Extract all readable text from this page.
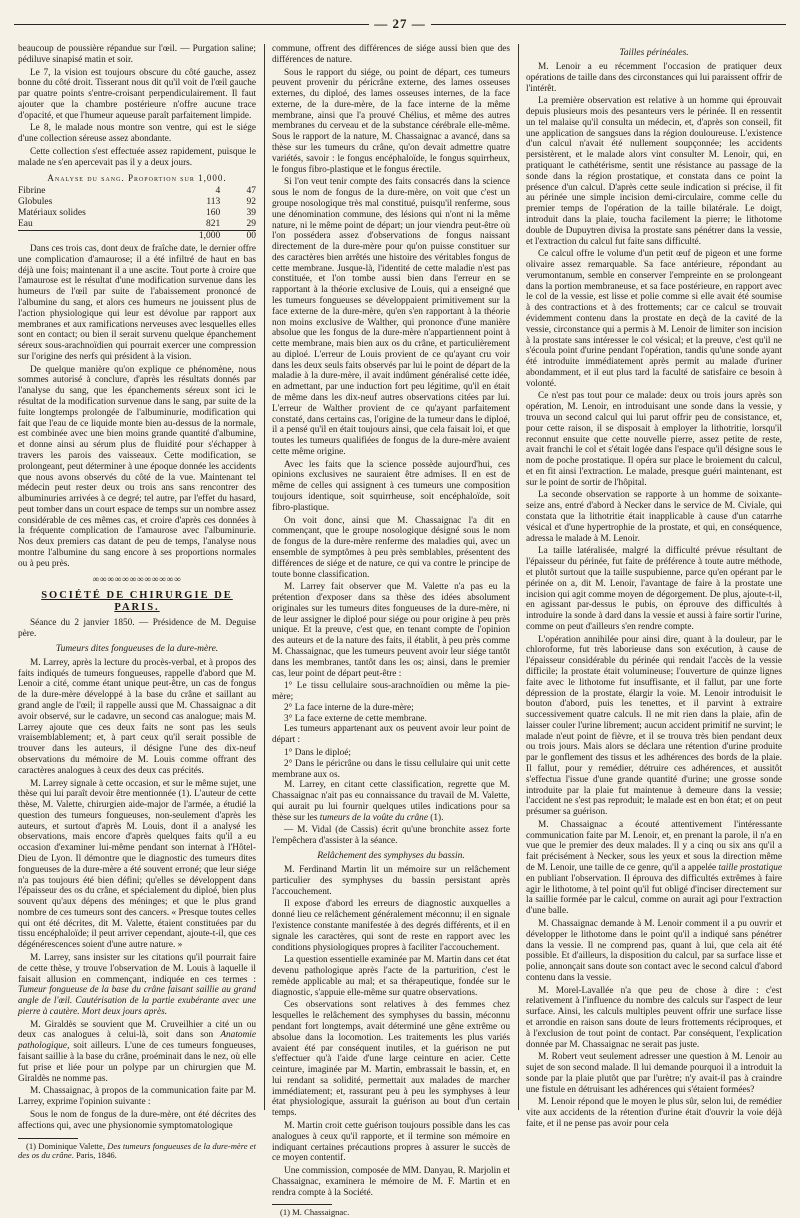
— 27 —

beaucoup de poussière répandue sur l'œil. — Purgation saline; pédiluve sinapisé matin et soir.

Le 7, la vision est toujours obscure du côté gauche, assez bonne du côté droit. Tisserant nous dit qu'il voit de l'œil gauche par quatre points s'entre-croisant perpendiculairement. Il faut ajouter que la chambre postérieure n'offre aucune trace d'opacité, et que l'humeur aqueuse paraît parfaitement limpide.

Le 8, le malade nous montre son ventre, qui est le siége d'une collection séreuse assez abondante.

Cette collection s'est effectuée assez rapidement, puisque le malade ne s'en apercevait pas il y a deux jours.

Analyse du sang. Proportion sur 1,000.
Fibrine	4	47
Globules	113	92
Matériaux solides	160	39
Eau	821	29
	1,000	00

Dans ces trois cas, dont deux de fraîche date, le dernier offre une complication d'amaurose; il a été infiltré de haut en bas déjà une fois; maintenant il a une ascite. Tout porte à croire que l'amaurose est le résultat d'une modification survenue dans les humeurs de l'œil par suite de l'abaissement prononcé de l'albumine du sang, et alors ces humeurs ne jouissent plus de l'action physiologique qui leur est dévolue par rapport aux membranes et aux ramifications nerveuses avec lesquelles elles sont en contact; ou bien il serait survenu quelque épanchement séreux sous-arachnoïdien qui pourrait exercer une compression sur l'origine des nerfs qui président à la vision.

De quelque manière qu'on explique ce phénomène, nous sommes autorisé à conclure, d'après les résultats donnés par l'analyse du sang, que les épanchements séreux sont ici le résultat de la modification survenue dans le sang, par suite de la fuite longtemps prolongée de l'albuminurie, modification qui fait que l'eau de ce liquide monte bien au-dessus de la normale, est combinée avec une bien moins grande quantité d'albumine, et donne ainsi au sérum plus de fluidité pour s'échapper à travers les parois des vaisseaux. Cette modification, se prolongeant, peut déterminer à une époque donnée les accidents que nous avons observés du côté de la vue. Maintenant tel médecin peut rester deux ou trois ans sans rencontrer des albuminuries arrivées à ce degré; tel autre, par l'effet du hasard, peut tomber dans un court espace de temps sur un nombre assez considérable de ces mêmes cas, et croire d'après ces données à la fréquente complication de l'amaurose avec l'albuminurie. Nos deux premiers cas datant de peu de temps, l'analyse nous montre l'albumine du sang encore à ses proportions normales ou à peu près.

∞∞∞∞∞∞∞∞∞∞∞∞
SOCIÉTÉ DE CHIRURGIE DE PARIS.

Séance du 2 janvier 1850. — Présidence de M. Deguise père.

Tumeurs dites fongueuses de la dure-mère.

M. Larrey, après la lecture du procès-verbal, et à propos des faits indiqués de tumeurs fongueuses, rappelle d'abord que M. Lenoir a cité, comme étant unique peut-être, un cas de fongus de la dure-mère développé à la base du crâne et saillant au grand angle de l'œil; il rappelle aussi que M. Chassaignac a dit avoir observé, sur le cadavre, un second cas analogue; mais M. Larrey ajoute que ces deux faits ne sont pas les seuls vraisemblablement; et, à part ceux qu'il serait possible de trouver dans les auteurs, il désigne l'une des dix-neuf observations du mémoire de M. Louis comme offrant des caractères analogues à ceux des deux cas précités.

M. Larrey signale à cette occasion, et sur le même sujet, une thèse qui lui paraît devoir être mentionnée (1). L'auteur de cette thèse, M. Valette, chirurgien aide-major de l'armée, a étudié la question des tumeurs fongueuses, non-seulement d'après les auteurs, et surtout d'après M. Louis, dont il a analysé les observations, mais encore d'après quelques faits qu'il a eu occasion d'examiner lui-même pendant son internat à l'Hôtel-Dieu de Lyon. Il démontre que le diagnostic des tumeurs dites fongueuses de la dure-mère a été souvent erroné; que leur siége n'a pas toujours été bien défini; qu'elles se développent dans l'épaisseur des os du crâne, et spécialement du diploé, bien plus souvent qu'aux dépens des méninges; et que le plus grand nombre de ces tumeurs sont des cancers. « Presque toutes celles qui ont été décrites, dit M. Valette, étaient constituées par du tissu encéphaloïde; il peut arriver cependant, ajoute-t-il, que ces dégénérescences soient d'une autre nature. »

M. Larrey, sans insister sur les citations qu'il pourrait faire de cette thèse, y trouve l'observation de M. Louis à laquelle il faisait allusion en commençant, indiquée en ces termes : Tumeur fongueuse de la base du crâne faisant saillie au grand angle de l'œil. Cautérisation de la partie exubérante avec une pierre à cautère. Mort deux jours après.

M. Giraldès se souvient que M. Cruveilhier a cité un ou deux cas analogues à celui-là, soit dans son Anatomie pathologique, soit ailleurs. L'une de ces tumeurs fongueuses, faisant saillie à la base du crâne, proéminait dans le nez, où elle fut prise et liée pour un polype par un chirurgien que M. Giraldès ne nomme pas.

M. Chassaignac, à propos de la communication faite par M. Larrey, exprime l'opinion suivante :

Sous le nom de fongus de la dure-mère, ont été décrites des affections qui, avec une physionomie symptomatologique

(1) Dominique Valette, Des tumeurs fongueuses de la dure-mère et des os du crâne. Paris, 1846.

commune, offrent des différences de siége aussi bien que des différences de nature.

Sous le rapport du siége, ou point de départ, ces tumeurs peuvent provenir du péricrâne externe, des lames osseuses externes, du diploé, des lames osseuses internes, de la face externe, de la dure-mère, de la face interne de la même membrane, ainsi que l'a prouvé Chélius, et même des autres membranes du cerveau et de la substance cérébrale elle-même. Sous le rapport de la nature, M. Chassaignac a avancé, dans sa thèse sur les tumeurs du crâne, qu'on devait admettre quatre variétés, savoir : le fongus encéphaloïde, le fongus squirrheux, le fongus fibro-plastique et le fongus érectile.

Si l'on veut tenir compte des faits consacrés dans la science sous le nom de fongus de la dure-mère, on voit que c'est un groupe nosologique très mal constitué, puisqu'il renferme, sous une dénomination commune, des lésions qui n'ont ni la même nature, ni le même point de départ; un jour viendra peut-être où l'on possédera assez d'observations de fongus naissant directement de la dure-mère pour qu'on puisse constituer sur des caractères bien arrêtés une histoire des véritables fongus de cette membrane. Jusque-là, l'identité de cette maladie n'est pas constituée, et l'on tombe aussi bien dans l'erreur en se rapportant à la théorie exclusive de Louis, qui a enseigné que les tumeurs fongueuses se développaient primitivement sur la face externe de la dure-mère, qu'en s'en rapportant à la théorie non moins exclusive de Walther, qui prononce d'une manière absolue que les fongus de la dure-mère n'appartiennent point à cette membrane, mais bien aux os du crâne, et particulièrement au diploé. L'erreur de Louis provient de ce qu'ayant cru voir dans les deux seuls faits observés par lui le point de départ de la maladie à la dure-mère, il avait indûment généralisé cette idée, en admettant, par une induction fort peu légitime, qu'il en était de même dans les dix-neuf autres observations citées par lui. L'erreur de Walther provient de ce qu'ayant parfaitement constaté, dans certains cas, l'origine de la tumeur dans le diploé, il a pensé qu'il en était toujours ainsi, que cela faisait loi, et que toutes les tumeurs qualifiées de fongus de la dure-mère avaient cette même origine.

Avec les faits que la science possède aujourd'hui, ces opinions exclusives ne sauraient être admises. Il en est de même de celles qui assignent à ces tumeurs une composition toujours identique, soit squirrheuse, soit encéphaloïde, soit fibro-plastique.

On voit donc, ainsi que M. Chassaignac l'a dit en commençant, que le groupe nosologique désigné sous le nom de fongus de la dure-mère renferme des maladies qui, avec un ensemble de symptômes à peu près semblables, présentent des différences de siége et de nature, ce qui va contre le principe de toute bonne classification.

M. Larrey fait observer que M. Valette n'a pas eu la prétention d'exposer dans sa thèse des idées absolument originales sur les tumeurs dites fongueuses de la dure-mère, ni de leur assigner le diploé pour siége ou pour origine à peu près unique. Et la preuve, c'est que, en tenant compte de l'opinion des auteurs et de la nature des faits, il établit, à peu près comme M. Chassaignac, que les tumeurs peuvent avoir leur siége tantôt dans les membranes, tantôt dans les os; ainsi, dans le premier cas, leur point de départ peut-être :

1° Le tissu cellulaire sous-arachnoïdien ou même la pie-mère;

2° La face interne de la dure-mère;

3° La face externe de cette membrane.

Les tumeurs appartenant aux os peuvent avoir leur point de départ :

1° Dans le diploé;

2° Dans le péricrâne ou dans le tissu cellulaire qui unit cette membrane aux os.

M. Larrey, en citant cette classification, regrette que M. Chassaignac n'ait pas eu connaissance du travail de M. Valette, qui aurait pu lui fournir quelques utiles indications pour sa thèse sur les tumeurs de la voûte du crâne (1).

— M. Vidal (de Cassis) écrit qu'une bronchite assez forte l'empêchera d'assister à la séance.

Relâchement des symphyses du bassin.

M. Ferdinand Martin lit un mémoire sur un relâchement particulier des symphyses du bassin persistant après l'accouchement.

Il expose d'abord les erreurs de diagnostic auxquelles a donné lieu ce relâchement généralement méconnu; il en signale l'existence constante manifestée à des degrés différents, et il en signale les caractères, qui sont de reste en rapport avec les conditions physiologiques propres à faciliter l'accouchement.

La question essentielle examinée par M. Martin dans cet état devenu pathologique après l'acte de la parturition, c'est le remède applicable au mal; et sa thérapeutique, fondée sur le diagnostic, s'appuie elle-même sur quatre observations.

Ces observations sont relatives à des femmes chez lesquelles le relâchement des symphyses du bassin, méconnu pendant fort longtemps, avait déterminé une gêne extrême ou absolue dans la locomotion. Les traitements les plus variés avaient été par conséquent inutiles, et la guérison ne put s'effectuer qu'à l'aide d'une large ceinture en acier. Cette ceinture, imaginée par M. Martin, embrassait le bassin, et, en lui rendant sa solidité, permettait aux malades de marcher immédiatement; et, rassurant peu à peu les symphyses à leur état physiologique, assurait la guérison au bout d'un certain temps.

M. Martin croit cette guérison toujours possible dans les cas analogues à ceux qu'il rapporte, et il termine son mémoire en indiquant certaines précautions propres à assurer le succès de ce moyen contentif.

Une commission, composée de MM. Danyau, R. Marjolin et Chassaignac, examinera le mémoire de M. F. Martin et en rendra compte à la Société.

(1) M. Chassaignac.

Tailles périnéales.

M. Lenoir a eu récemment l'occasion de pratiquer deux opérations de taille dans des circonstances qui lui paraissent offrir de l'intérêt.

La première observation est relative à un homme qui éprouvait depuis plusieurs mois des pesanteurs vers le périnée. Il en ressentit un tel malaise qu'il consulta un médecin, et, d'après son conseil, fit une application de sangsues dans la région douloureuse. L'existence d'un calcul n'avait été nullement soupçonnée; les accidents persistèrent, et le malade alors vint consulter M. Lenoir, qui, en pratiquant le cathétérisme, sentit une résistance au passage de la sonde dans la région prostatique, et constata dans ce point la présence d'un calcul. D'après cette seule indication si précise, il fit au périnée une simple incision demi-circulaire, comme celle du premier temps de l'opération de la taille bilatérale. Le doigt, introduit dans la plaie, toucha facilement la pierre; le lithotome double de Dupuytren divisa la prostate sans pénétrer dans la vessie, et l'extraction du calcul fut faite sans difficulté.

Ce calcul offre le volume d'un petit œuf de pigeon et une forme olivaire assez remarquable. Sa face antérieure, répondant au verumontanum, semble en conserver l'empreinte en se prolongeant dans la portion membraneuse, et sa face postérieure, en rapport avec le col de la vessie, est lisse et polie comme si elle avait été soumise à des contractions et à des frottements; car ce calcul se trouvait évidemment contenu dans la prostate en deçà de la cavité de la vessie, circonstance qui a permis à M. Lenoir de limiter son incision à la prostate sans intéresser le col vésical; et la preuve, c'est qu'il ne s'écoula point d'urine pendant l'opération, tandis qu'une sonde ayant été introduite immédiatement après permit au malade d'uriner abondamment, et il eut plus tard la faculté de satisfaire ce besoin à volonté.

Ce n'est pas tout pour ce malade: deux ou trois jours après son opération, M. Lenoir, en introduisant une sonde dans la vessie, y trouva un second calcul qui lui parut offrir peu de consistance, et, pour cette raison, il se disposait à employer la lithotritie, lorsqu'il reconnut ensuite que cette nouvelle pierre, assez petite de reste, avait franchi le col et s'était logée dans l'espace qu'il désigne sous le nom de poche prostatique. Il opéra sur place le broiement du calcul, et en fit ainsi l'extraction. Le malade, presque guéri maintenant, est sur le point de sortir de l'hôpital.

La seconde observation se rapporte à un homme de soixante-seize ans, entré d'abord à Necker dans le service de M. Civiale, qui constata que la lithotritie était inapplicable à cause d'un catarrhe vésical et d'une hypertrophie de la prostate, et qui, en conséquence, adressa le malade à M. Lenoir.

La taille latéralisée, malgré la difficulté prévue résultant de l'épaisseur du périnée, fut faite de préférence à toute autre méthode, et plutôt surtout que la taille suspubienne, parce qu'en opérant par le périnée on a, dit M. Lenoir, l'avantage de faire à la prostate une incision qui agit comme moyen de dégorgement. De plus, ajoute-t-il, en agissant par-dessus le pubis, on éprouve des difficultés à introduire la sonde à dard dans la vessie et aussi à faire sortir l'urine, comme on peut d'ailleurs s'en rendre compte.

L'opération annihilée pour ainsi dire, quant à la douleur, par le chloroforme, fut très laborieuse dans son exécution, à cause de l'épaisseur considérable du périnée qui rendait l'accès de la vessie difficile; la prostate était volumineuse; l'ouverture de quinze lignes faite avec le lithotome fut insuffisante, et il fallut, par une forte dépression de la prostate, élargir la voie. M. Lenoir introduisit le bouton d'abord, puis les tenettes, et il parvint à extraire successivement quatre calculs. Il ne mit rien dans la plaie, afin de laisser couler l'urine librement; aucun accident primitif ne survint; le malade n'eut point de fièvre, et il se trouva très bien pendant deux ou trois jours. Mais alors se déclara une rétention d'urine produite par le gonflement des tissus et les adhérences des bords de la plaie. Il fallut, pour y remédier, détruire ces adhérences, et aussitôt s'effectua l'issue d'une grande quantité d'urine; une grosse sonde introduite par la plaie fut maintenue à demeure dans la vessie; l'accident ne s'est pas reproduit; le malade est en bon état; et on peut présumer sa guérison.

M. Chassaignac a écouté attentivement l'intéressante communication faite par M. Lenoir, et, en prenant la parole, il n'a en vue que le premier des deux malades. Il y a cinq ou six ans qu'il a fait précisément à Necker, sous les yeux et sous la direction même de M. Lenoir, une taille de ce genre, qu'il a appelée taille prostatique en publiant l'observation. Il éprouva des difficultés extrêmes à faire agir le lithotome, à tel point qu'il fut obligé d'inciser directement sur la saillie formée par le calcul, comme on aurait agi pour l'extraction d'une balle.

M. Chassaignac demande à M. Lenoir comment il a pu ouvrir et développer le lithotome dans le point qu'il a indiqué sans pénétrer dans la vessie. Il ne comprend pas, quant à lui, que cela ait été possible. Et d'ailleurs, la disposition du calcul, par sa surface lisse et polie, annonçait sans doute son contact avec le second calcul d'abord contenu dans la vessie.

M. Morel-Lavallée n'a que peu de chose à dire : c'est relativement à l'influence du nombre des calculs sur l'aspect de leur surface. Ainsi, les calculs multiples peuvent offrir une surface lisse et arrondie en raison sans doute de leurs frottements réciproques, et à l'exclusion de tout point de contact. Par conséquent, l'explication donnée par M. Chassaignac ne serait pas juste.

M. Robert veut seulement adresser une question à M. Lenoir au sujet de son second malade. Il lui demande pourquoi il a introduit la sonde par la plaie plutôt que par l'urètre; n'y avait-il pas à craindre une fistule en détruisant les adhérences qui s'étaient formées?

M. Lenoir répond que le moyen le plus sûr, selon lui, de remédier vite aux accidents de la rétention d'urine était d'ouvrir la voie déjà faite, et il ne pense pas avoir pour cela
